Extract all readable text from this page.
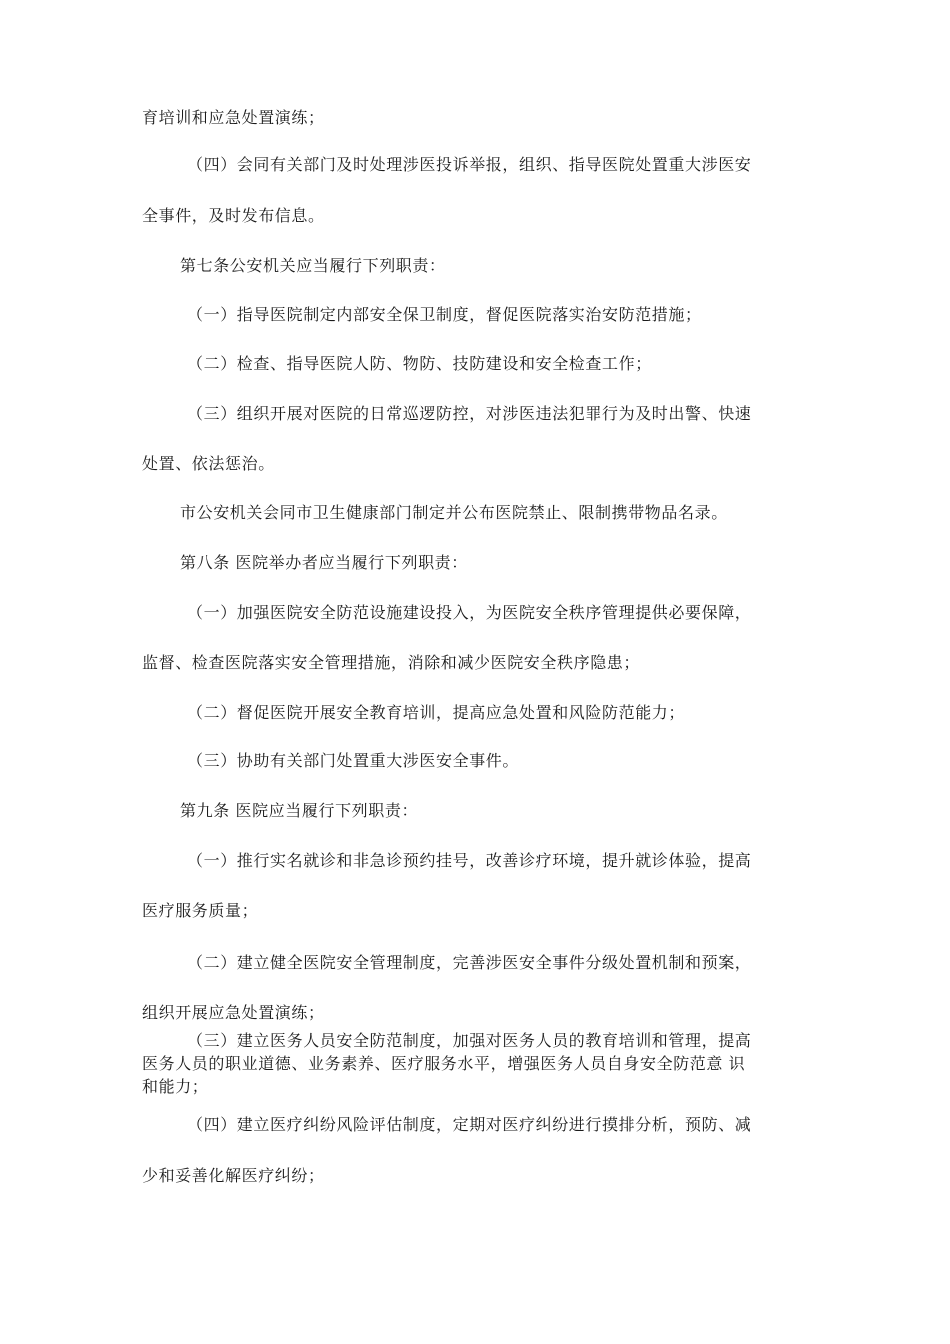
育培训和应急处置演练；
（四）会同有关部门及时处理涉医投诉举报，组织、指导医院处置重大涉医安
全事件，及时发布信息。
第七条公安机关应当履行下列职责：
（一）指导医院制定内部安全保卫制度，督促医院落实治安防范措施；
（二）检查、指导医院人防、物防、技防建设和安全检查工作；
（三）组织开展对医院的日常巡逻防控，对涉医违法犯罪行为及时出警、快速
处置、依法惩治。
市公安机关会同市卫生健康部门制定并公布医院禁止、限制携带物品名录。
第八条 医院举办者应当履行下列职责：
（一）加强医院安全防范设施建设投入，为医院安全秩序管理提供必要保障，
监督、检查医院落实安全管理措施，消除和减少医院安全秩序隐患；
（二）督促医院开展安全教育培训，提高应急处置和风险防范能力；
（三）协助有关部门处置重大涉医安全事件。
第九条 医院应当履行下列职责：
（一）推行实名就诊和非急诊预约挂号，改善诊疗环境，提升就诊体验，提高
医疗服务质量；
（二）建立健全医院安全管理制度，完善涉医安全事件分级处置机制和预案，
组织开展应急处置演练；
（三）建立医务人员安全防范制度，加强对医务人员的教育培训和管理，提高
医务人员的职业道德、业务素养、医疗服务水平，增强医务人员自身安全防范意 识
和能力；
（四）建立医疗纠纷风险评估制度，定期对医疗纠纷进行摸排分析，预防、减
少和妥善化解医疗纠纷；
